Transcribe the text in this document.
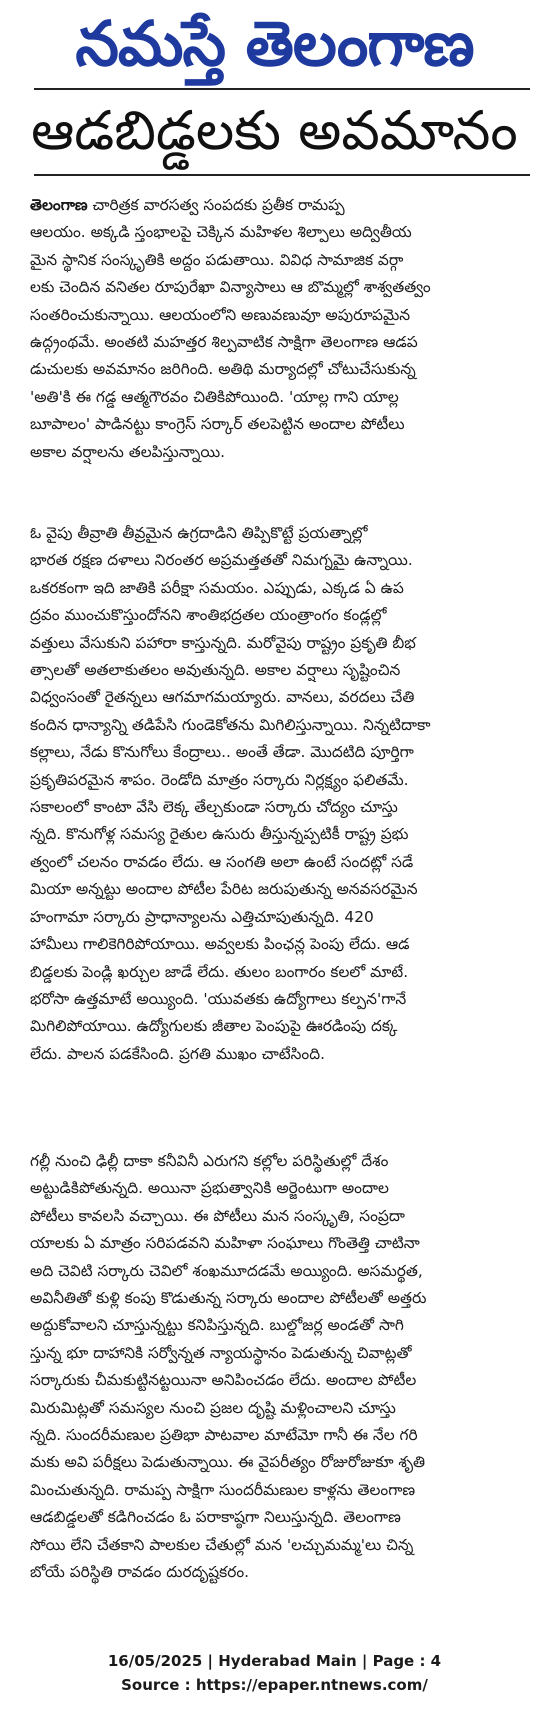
నమస్తే తెలంగాణ
ఆడబిడ్డలకు అవమానం
తెలంగాణ చారిత్రక వారసత్వ సంపదకు ప్రతీక రామప్ప
ఆలయం. అక్కడి స్తంభాలపై చెక్కిన మహిళల శిల్పాలు అద్వితీయ
మైన స్థానిక సంస్కృతికి అద్దం పడుతాయి. వివిధ సామాజిక వర్గా
లకు చెందిన వనితల రూపురేఖా విన్యాసాలు ఆ బొమ్మల్లో శాశ్వతత్వం
సంతరించుకున్నాయి. ఆలయంలోని అణువణువూ అపురూపమైన
ఉద్గ్రంథమే. అంతటి మహత్తర శిల్పవాటిక సాక్షిగా తెలంగాణ ఆడప
డుచులకు అవమానం జరిగింది. అతిథి మర్యాదల్లో చోటుచేసుకున్న
'అతి'కి ఈ గడ్డ ఆత్మగౌరవం చితికిపోయింది. 'యాల్ల గాని యాల్ల
బూపాలం' పాడినట్టు కాంగ్రెస్ సర్కార్ తలపెట్టిన అందాల పోటీలు
అకాల వర్షాలను తలపిస్తున్నాయి.
ఓ వైపు తీవ్రాతి తీవ్రమైన ఉగ్రదాడిని తిప్పికొట్టే ప్రయత్నాల్లో
భారత రక్షణ దళాలు నిరంతర అప్రమత్తతతో నిమగ్నమై ఉన్నాయి.
ఒకరకంగా ఇది జాతికి పరీక్షా సమయం. ఎప్పుడు, ఎక్కడ ఏ ఉప
ద్రవం ముంచుకొస్తుందోనని శాంతిభద్రతల యంత్రాంగం కండ్లల్లో
వత్తులు వేసుకుని పహారా కాస్తున్నది. మరోవైపు రాష్ట్రం ప్రకృతి బీభ
త్సాలతో అతలాకుతలం అవుతున్నది. అకాల వర్షాలు సృష్టించిన
విధ్వంసంతో రైతన్నలు ఆగమాగమయ్యారు. వానలు, వరదలు చేతి
కందిన ధాన్యాన్ని తడిపేసి గుండెకోతను మిగిలిస్తున్నాయి. నిన్నటిదాకా
కల్లాలు, నేడు కొనుగోలు కేంద్రాలు.. అంతే తేడా. మొదటిది పూర్తిగా
ప్రకృతిపరమైన శాపం. రెండోది మాత్రం సర్కారు నిర్లక్ష్యం ఫలితమే.
సకాలంలో కాంటా వేసి లెక్క తేల్చకుండా సర్కారు చోద్యం చూస్తు
న్నది. కొనుగోళ్ల సమస్య రైతుల ఉసురు తీస్తున్నప్పటికీ రాష్ట్ర ప్రభు
త్వంలో చలనం రావడం లేదు. ఆ సంగతి అలా ఉంటే సందట్లో సడే
మియా అన్నట్టు అందాల పోటీల పేరిట జరుపుతున్న అనవసరమైన
హంగామా సర్కారు ప్రాధాన్యాలను ఎత్తిచూపుతున్నది. 420
హామీలు గాలికెగిరిపోయాయి. అవ్వలకు పింఛన్ల పెంపు లేదు. ఆడ
బిడ్డలకు పెండ్లి ఖర్చుల జాడే లేదు. తులం బంగారం కలలో మాటే.
భరోసా ఉత్తమాటే అయ్యింది. 'యువతకు ఉద్యోగాలు కల్పన'గానే
మిగిలిపోయాయి. ఉద్యోగులకు జీతాల పెంపుపై ఊరడింపు దక్క
లేదు. పాలన పడకేసింది. ప్రగతి ముఖం చాటేసింది.
గల్లీ నుంచి ఢిల్లీ దాకా కనీవినీ ఎరుగని కల్లోల పరిస్థితుల్లో దేశం
అట్టుడికిపోతున్నది. అయినా ప్రభుత్వానికి అర్జెంటుగా అందాల
పోటీలు కావలసి వచ్చాయి. ఈ పోటీలు మన సంస్కృతి, సంప్రదా
యాలకు ఏ మాత్రం సరిపడవని మహిళా సంఘాలు గొంతెత్తి చాటినా
అది చెవిటి సర్కారు చెవిలో శంఖమూదడమే అయ్యింది. అసమర్థత,
అవినీతితో కుళ్లి కంపు కొడుతున్న సర్కారు అందాల పోటీలతో అత్తరు
అద్దుకోవాలని చూస్తున్నట్టు కనిపిస్తున్నది. బుల్డోజర్ల అండతో సాగి
స్తున్న భూ దాహానికి సర్వోన్నత న్యాయస్థానం పెడుతున్న చివాట్లతో
సర్కారుకు చీమకుట్టినట్టయినా అనిపించడం లేదు. అందాల పోటీల
మిరుమిట్లతో సమస్యల నుంచి ప్రజల దృష్టి మళ్లించాలని చూస్తు
న్నది. సుందరీమణుల ప్రతిభా పాటవాల మాటేమో గానీ ఈ నేల గరి
మకు అవి పరీక్షలు పెడుతున్నాయి. ఈ వైపరీత్యం రోజురోజుకూ శృతి
మించుతున్నది. రామప్ప సాక్షిగా సుందరీమణుల కాళ్లను తెలంగాణ
ఆడబిడ్డలతో కడిగించడం ఓ పరాకాష్ఠగా నిలుస్తున్నది. తెలంగాణ
సోయి లేని చేతకాని పాలకుల చేతుల్లో మన 'లచ్చుమమ్మ'లు చిన్న
బోయే పరిస్థితి రావడం దురదృష్టకరం.
16/05/2025 | Hyderabad Main | Page : 4
Source : https://epaper.ntnews.com/
